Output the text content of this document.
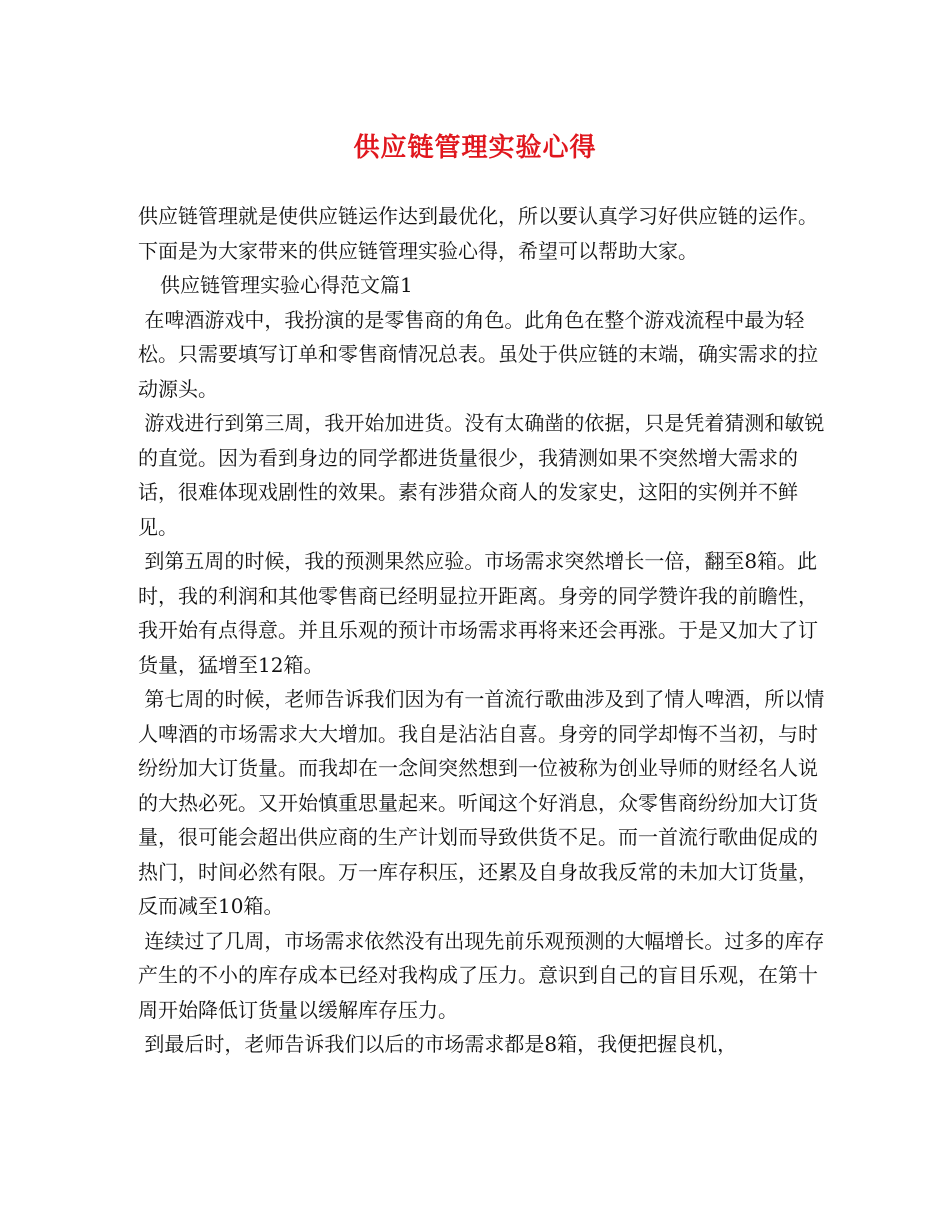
供应链管理实验心得

供应链管理就是使供应链运作达到最优化，所以要认真学习好供应链的运作。下面是为大家带来的供应链管理实验心得，希望可以帮助大家。

供应链管理实验心得范文篇1

在啤酒游戏中，我扮演的是零售商的角色。此角色在整个游戏流程中最为轻松。只需要填写订单和零售商情况总表。虽处于供应链的末端，确实需求的拉动源头。

游戏进行到第三周，我开始加进货。没有太确凿的依据，只是凭着猜测和敏锐的直觉。因为看到身边的同学都进货量很少，我猜测如果不突然增大需求的话，很难体现戏剧性的效果。素有涉猎众商人的发家史，这阳的实例并不鲜见。

到第五周的时候，我的预测果然应验。市场需求突然增长一倍，翻至8箱。此时，我的利润和其他零售商已经明显拉开距离。身旁的同学赞许我的前瞻性，我开始有点得意。并且乐观的预计市场需求再将来还会再涨。于是又加大了订货量，猛增至12箱。

第七周的时候，老师告诉我们因为有一首流行歌曲涉及到了情人啤酒，所以情人啤酒的市场需求大大增加。我自是沾沾自喜。身旁的同学却悔不当初，与时纷纷加大订货量。而我却在一念间突然想到一位被称为创业导师的财经名人说的大热必死。又开始慎重思量起来。听闻这个好消息，众零售商纷纷加大订货量，很可能会超出供应商的生产计划而导致供货不足。而一首流行歌曲促成的热门，时间必然有限。万一库存积压，还累及自身故我反常的未加大订货量，反而减至10箱。

连续过了几周，市场需求依然没有出现先前乐观预测的大幅增长。过多的库存产生的不小的库存成本已经对我构成了压力。意识到自己的盲目乐观，在第十周开始降低订货量以缓解库存压力。

到最后时，老师告诉我们以后的市场需求都是8箱，我便把握良机，
